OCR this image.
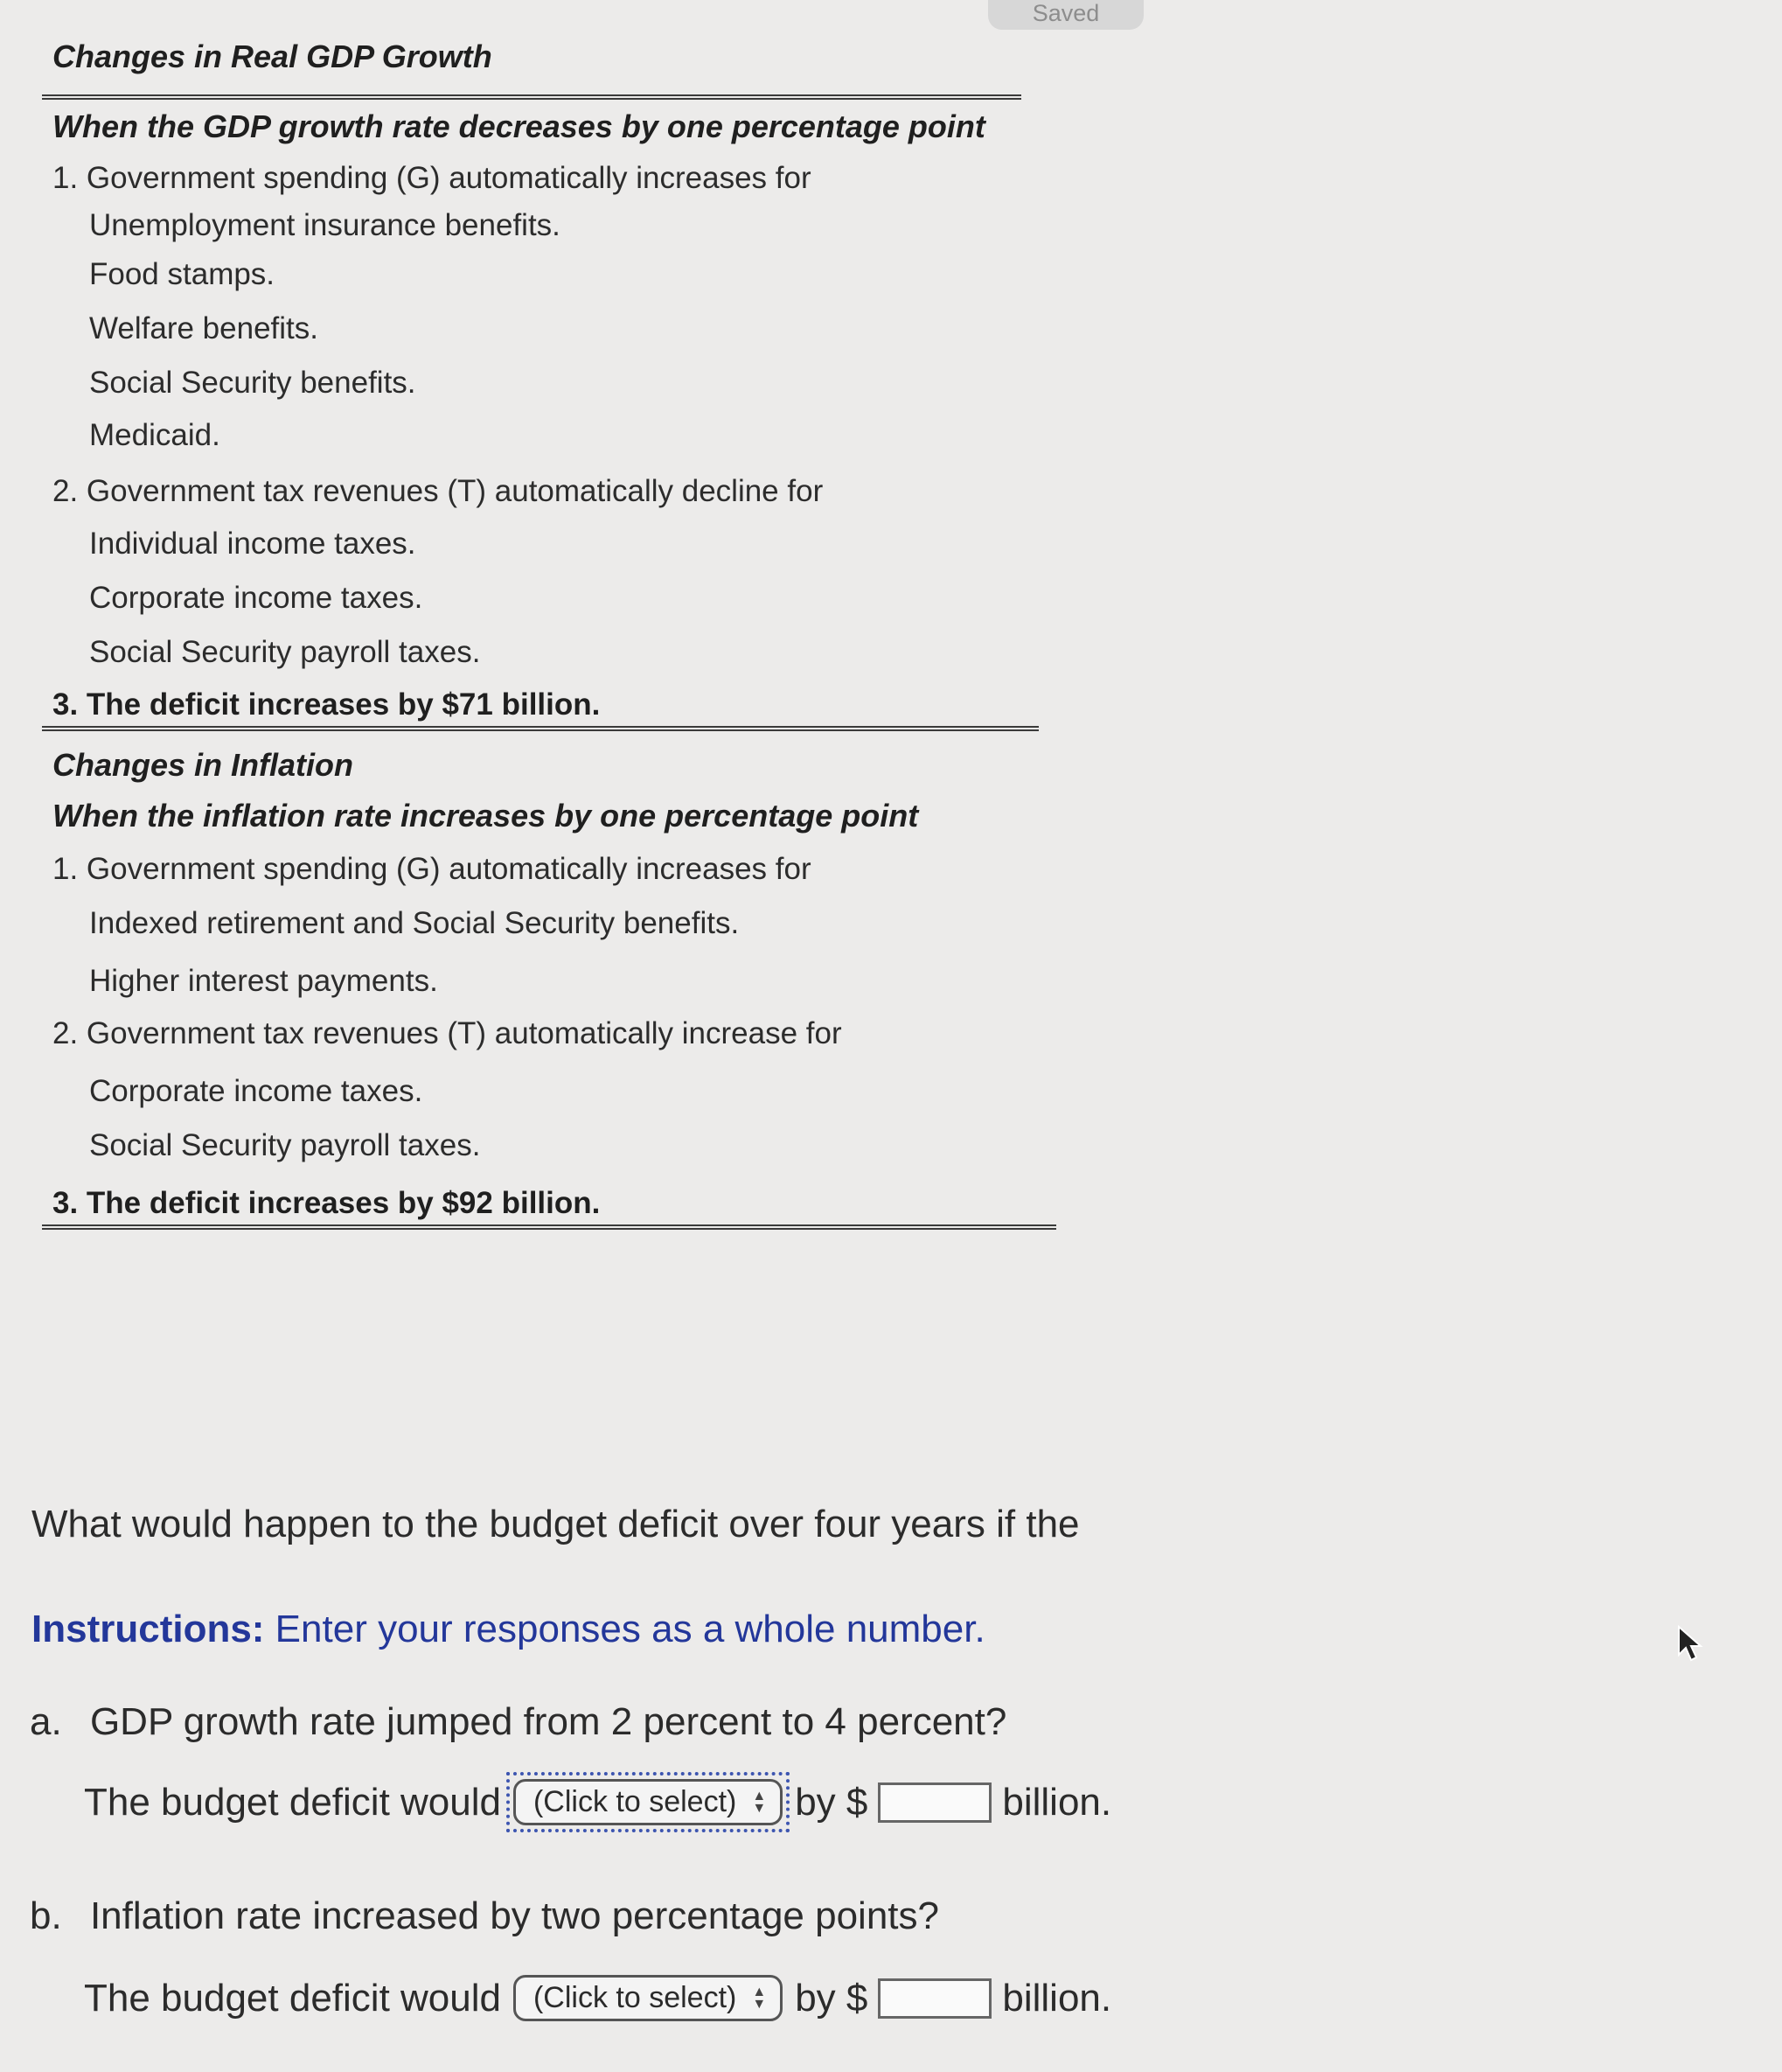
Saved
Changes in Real GDP Growth
When the GDP growth rate decreases by one percentage point
1. Government spending (G) automatically increases for
Unemployment insurance benefits.
Food stamps.
Welfare benefits.
Social Security benefits.
Medicaid.
2. Government tax revenues (T) automatically decline for
Individual income taxes.
Corporate income taxes.
Social Security payroll taxes.
3. The deficit increases by $71 billion.
Changes in Inflation
When the inflation rate increases by one percentage point
1. Government spending (G) automatically increases for
Indexed retirement and Social Security benefits.
Higher interest payments.
2. Government tax revenues (T) automatically increase for
Corporate income taxes.
Social Security payroll taxes.
3. The deficit increases by $92 billion.
What would happen to the budget deficit over four years if the
Instructions: Enter your responses as a whole number.
a. GDP growth rate jumped from 2 percent to 4 percent?
The budget deficit would (Click to select) ▲
▼ by $	billion.
b. Inflation rate increased by two percentage points?
The budget deficit would (Click to select) ▲
▼ by $	billion.
